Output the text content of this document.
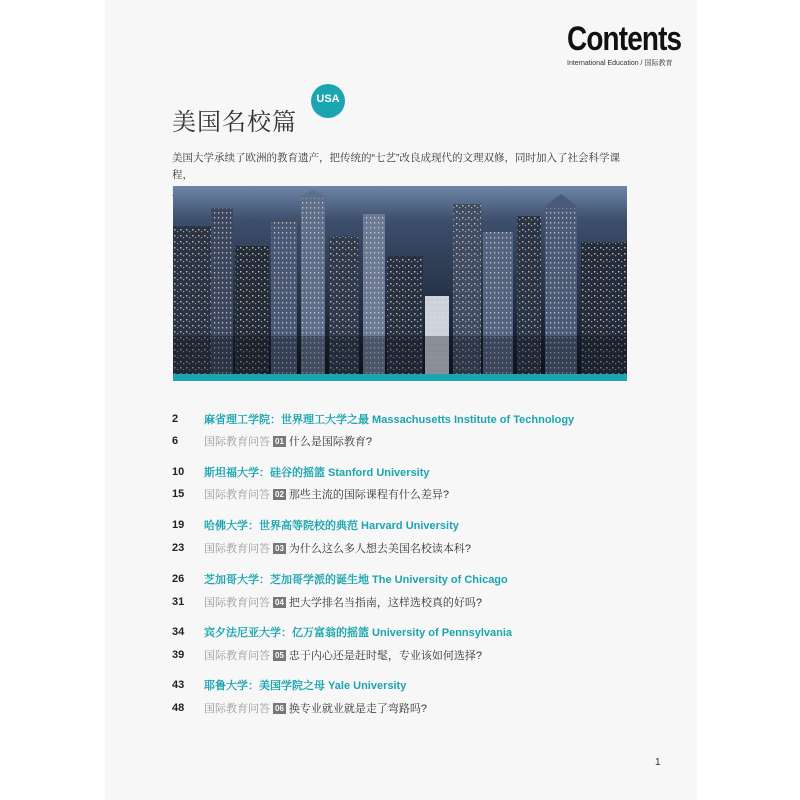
Contents
International Education / 国际教育
美国名校篇
USA
美国大学承续了欧洲的教育遗产，把传统的“七艺”改良成现代的文理双修，同时加入了社会科学课程，
2	麻省理工学院：世界理工大学之最 Massachusetts Institute of Technology
6	国际教育问答 01 什么是国际教育?
10	斯坦福大学：硅谷的摇篮 Stanford University
15	国际教育问答 02 那些主流的国际课程有什么差异?
19	哈佛大学：世界高等院校的典范 Harvard University
23	国际教育问答 03 为什么这么多人想去美国名校读本科?
26	芝加哥大学：芝加哥学派的诞生地 The University of Chicago
31	国际教育问答 04 把大学排名当指南，这样选校真的好吗?
34	宾夕法尼亚大学：亿万富翁的摇篮 University of Pennsylvania
39	国际教育问答 05 忠于内心还是赶时髦，专业该如何选择?
43	耶鲁大学：美国学院之母 Yale University
48	国际教育问答 06 换专业就业就是走了弯路吗?
1
